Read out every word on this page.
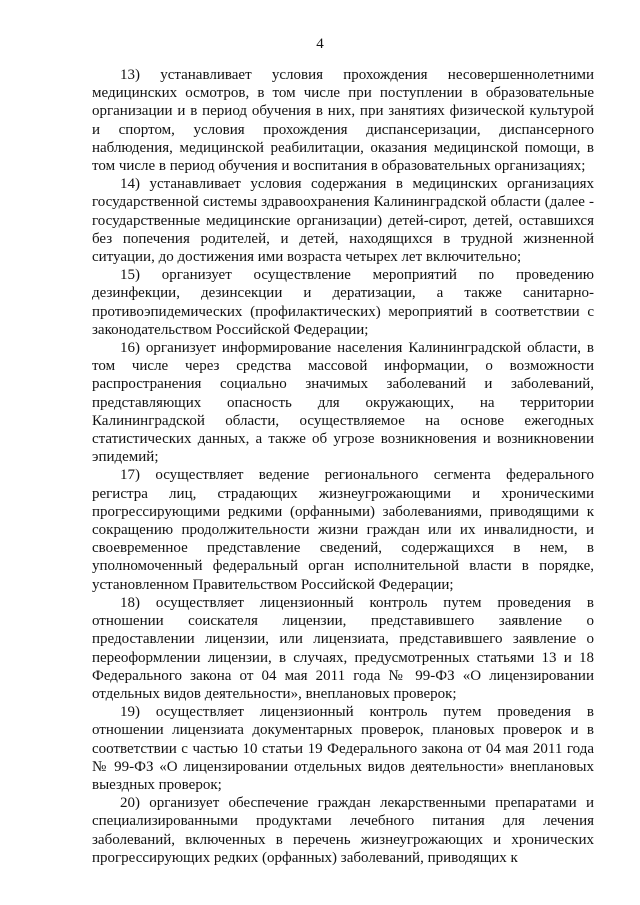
4

13) устанавливает условия прохождения несовершеннолетними медицинских осмотров, в том числе при поступлении в образовательные организации и в период обучения в них, при занятиях физической культурой и спортом, условия прохождения диспансеризации, диспансерного наблюдения, медицинской реабилитации, оказания медицинской помощи, в том числе в период обучения и воспитания в образовательных организациях;

14) устанавливает условия содержания в медицинских организациях государственной системы здравоохранения Калининградской области (далее - государственные медицинские организации) детей-сирот, детей, оставшихся без попечения родителей, и детей, находящихся в трудной жизненной ситуации, до достижения ими возраста четырех лет включительно;

15) организует осуществление мероприятий по проведению дезинфекции, дезинсекции и дератизации, а также санитарно-противоэпидемических (профилактических) мероприятий в соответствии с законодательством Российской Федерации;

16) организует информирование населения Калининградской области, в том числе через средства массовой информации, о возможности распространения социально значимых заболеваний и заболеваний, представляющих опасность для окружающих, на территории Калининградской области, осуществляемое на основе ежегодных статистических данных, а также об угрозе возникновения и возникновении эпидемий;

17) осуществляет ведение регионального сегмента федерального регистра лиц, страдающих жизнеугрожающими и хроническими прогрессирующими редкими (орфанными) заболеваниями, приводящими к сокращению продолжительности жизни граждан или их инвалидности, и своевременное представление сведений, содержащихся в нем, в уполномоченный федеральный орган исполнительной власти в порядке, установленном Правительством Российской Федерации;

18) осуществляет лицензионный контроль путем проведения в отношении соискателя лицензии, представившего заявление о предоставлении лицензии, или лицензиата, представившего заявление о переоформлении лицензии, в случаях, предусмотренных статьями 13 и 18 Федерального закона от 04 мая 2011 года № 99-ФЗ «О лицензировании отдельных видов деятельности», внеплановых проверок;

19) осуществляет лицензионный контроль путем проведения в отношении лицензиата документарных проверок, плановых проверок и в соответствии с частью 10 статьи 19 Федерального закона от 04 мая 2011 года № 99-ФЗ «О лицензировании отдельных видов деятельности» внеплановых выездных проверок;

20) организует обеспечение граждан лекарственными препаратами и специализированными продуктами лечебного питания для лечения заболеваний, включенных в перечень жизнеугрожающих и хронических прогрессирующих редких (орфанных) заболеваний, приводящих к
